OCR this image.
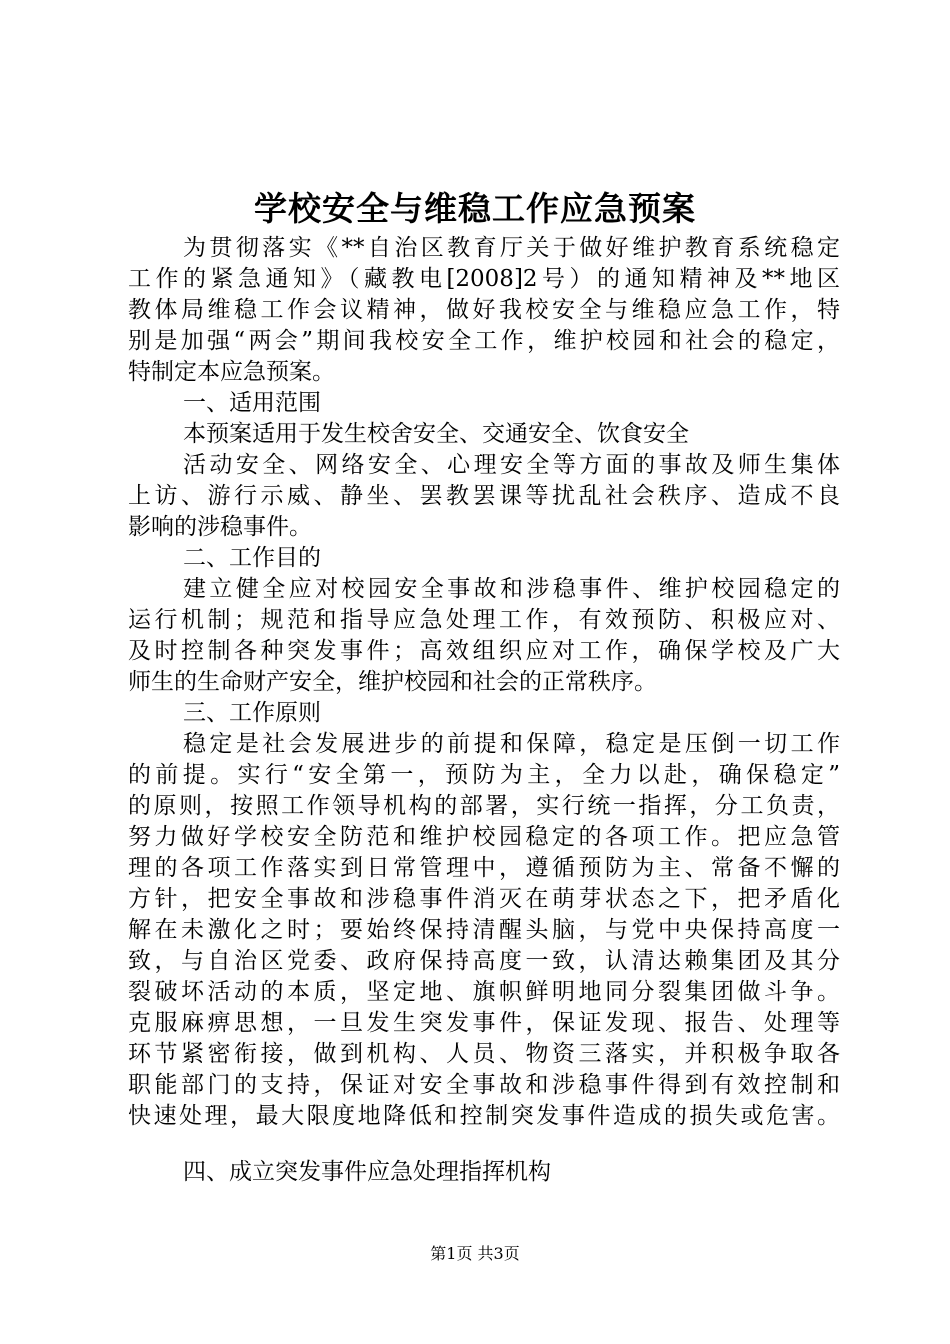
学校安全与维稳工作应急预案
为贯彻落实《**自治区教育厅关于做好维护教育系统稳定
工作的紧急通知》（藏教电[2008]2号）的通知精神及**地区
教体局维稳工作会议精神，做好我校安全与维稳应急工作，特
别是加强“两会”期间我校安全工作，维护校园和社会的稳定，
特制定本应急预案。
一、适用范围
本预案适用于发生校舍安全、交通安全、饮食安全
活动安全、网络安全、心理安全等方面的事故及师生集体
上访、游行示威、静坐、罢教罢课等扰乱社会秩序、造成不良
影响的涉稳事件。
二、工作目的
建立健全应对校园安全事故和涉稳事件、维护校园稳定的
运行机制；规范和指导应急处理工作，有效预防、积极应对、
及时控制各种突发事件；高效组织应对工作，确保学校及广大
师生的生命财产安全，维护校园和社会的正常秩序。
三、工作原则
稳定是社会发展进步的前提和保障，稳定是压倒一切工作
的前提。实行“安全第一，预防为主，全力以赴，确保稳定”
的原则，按照工作领导机构的部署，实行统一指挥，分工负责，
努力做好学校安全防范和维护校园稳定的各项工作。把应急管
理的各项工作落实到日常管理中，遵循预防为主、常备不懈的
方针，把安全事故和涉稳事件消灭在萌芽状态之下，把矛盾化
解在未激化之时；要始终保持清醒头脑，与党中央保持高度一
致，与自治区党委、政府保持高度一致，认清达赖集团及其分
裂破坏活动的本质，坚定地、旗帜鲜明地同分裂集团做斗争。
克服麻痹思想，一旦发生突发事件，保证发现、报告、处理等
环节紧密衔接，做到机构、人员、物资三落实，并积极争取各
职能部门的支持，保证对安全事故和涉稳事件得到有效控制和
快速处理，最大限度地降低和控制突发事件造成的损失或危害。
四、成立突发事件应急处理指挥机构
第1页 共3页
